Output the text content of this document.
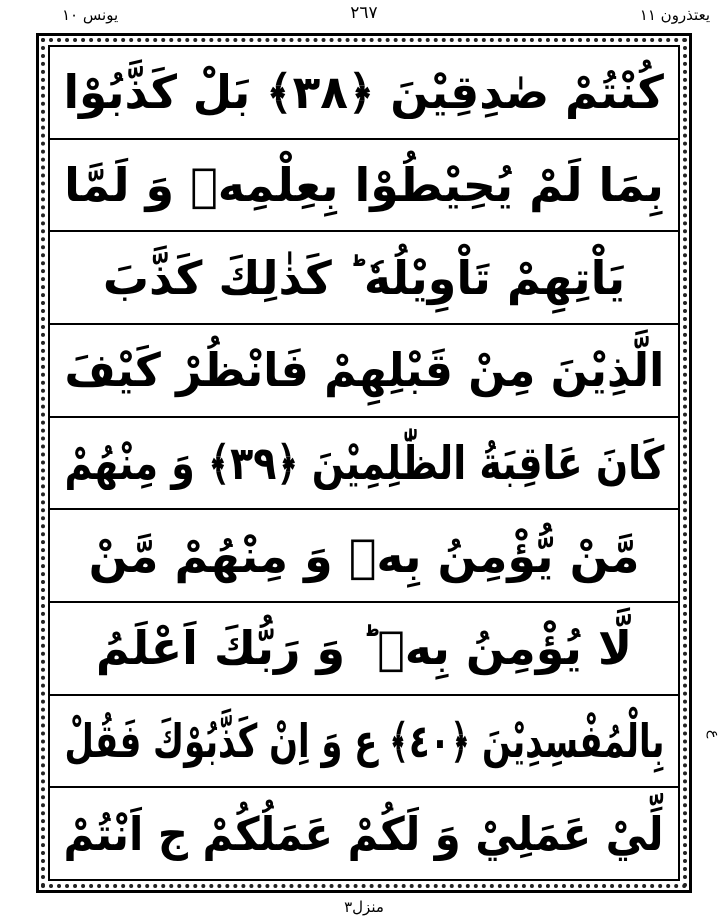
يعتذرون ١١
٢٦٧
يونس ١٠
كُنْتُمْ صٰدِقِيْنَ ﴿٣٨﴾ بَلْ كَذَّبُوْا
بِمَا لَمْ يُحِيْطُوْا بِعِلْمِهٖ وَ لَمَّا
يَاْتِهِمْ تَاْوِيْلُهٗ ؕ كَذٰلِكَ كَذَّبَ
الَّذِيْنَ مِنْ قَبْلِهِمْ فَانْظُرْ كَيْفَ
كَانَ عَاقِبَةُ الظّٰلِمِيْنَ ﴿٣٩﴾ وَ مِنْهُمْ
مَّنْ يُّؤْمِنُ بِهٖ وَ مِنْهُمْ مَّنْ
لَّا يُؤْمِنُ بِهٖ ؕ وَ رَبُّكَ اَعْلَمُ
بِالْمُفْسِدِيْنَ ﴿٤٠﴾ ع وَ اِنْ كَذَّبُوْكَ فَقُلْ
لِّيْ عَمَلِيْ وَ لَكُمْ عَمَلُكُمْ ج اَنْتُمْ
ع
منزل٣
